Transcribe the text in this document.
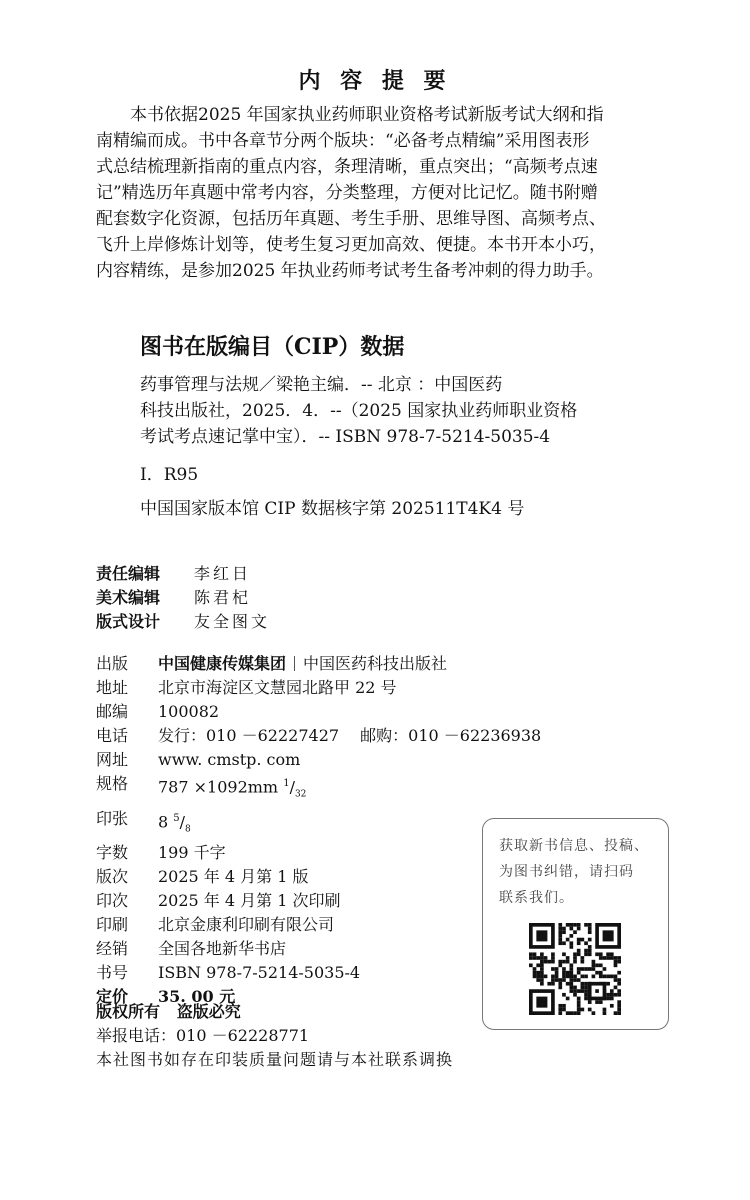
内 容 提 要

本书依据2025 年国家执业药师职业资格考试新版考试大纲和指

南精编而成。书中各章节分两个版块：“必备考点精编”采用图表形

式总结梳理新指南的重点内容，条理清晰，重点突出；“高频考点速

记”精选历年真题中常考内容，分类整理，方便对比记忆。随书附赠

配套数字化资源，包括历年真题、考生手册、思维导图、高频考点、

飞升上岸修炼计划等，使考生复习更加高效、便捷。本书开本小巧，

内容精练，是参加2025 年执业药师考试考生备考冲刺的得力助手。

图书在版编目（CIP）数据

药事管理与法规／梁艳主编．-- 北京 ：中国医药

科技出版社，2025．4．--（2025 国家执业药师职业资格

考试考点速记掌中宝）．-- ISBN 978-7-5214-5035-4

Ⅰ．R95
中国国家版本馆 CIP 数据核字第 202511T4K4 号
责任编辑	李红日
美术编辑	陈君杞
版式设计	友全图文
出版	中国健康传媒集团 中国医药科技出版社
地址	北京市海淀区文慧园北路甲 22 号
邮编	100082
电话	发行：010 －62227427　 邮购：010 －62236938
网址	www. cmstp. com
规格	787 ×1092mm $^1/_{32}$
印张	8 $^5/_8$
字数	199 千字
版次	2025 年 4 月第 1 版
印次	2025 年 4 月第 1 次印刷
印刷	北京金康利印刷有限公司
经销	全国各地新华书店
书号	ISBN 978-7-5214-5035-4
定价	35. 00 元
版权所有 盗版必究
举报电话：010 －62228771
本社图书如存在印装质量问题请与本社联系调换
获取新书信息、投稿、
为图书纠错，请扫码
联系我们。
